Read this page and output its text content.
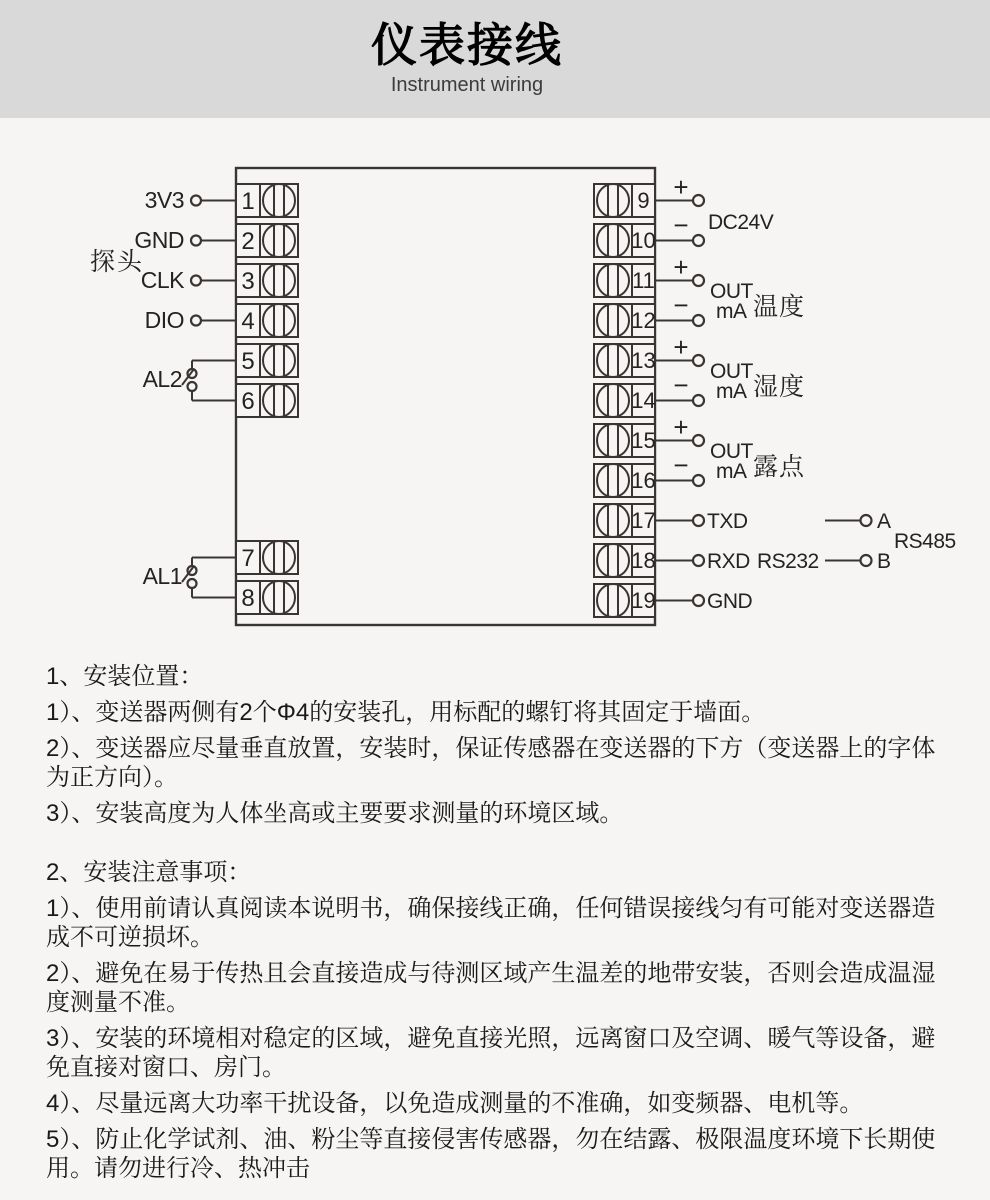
仪表接线
Instrument wiring
探头
3V3
GND
CLK
DIO
AL2
AL1
1
2
3
4
5
6
7
8
9
10
11
12
13
14
15
16
17
18
19
+
− DC24V
+
− OUT
mA 温度
+
− OUT
mA 湿度
+
− OUT
mA 露点
TXD
RXD RS232
GND
A
B
RS485
1、安装位置：
1）、变送器两侧有2个Φ4的安装孔，用标配的螺钉将其固定于墙面。
2）、变送器应尽量垂直放置，安装时，保证传感器在变送器的下方（变送器上的字体
为正方向）。
3）、安装高度为人体坐高或主要要求测量的环境区域。
2、安装注意事项：
1）、使用前请认真阅读本说明书，确保接线正确，任何错误接线匀有可能对变送器造
成不可逆损坏。
2）、避免在易于传热且会直接造成与待测区域产生温差的地带安装，否则会造成温湿
度测量不准。
3）、安装的环境相对稳定的区域，避免直接光照，远离窗口及空调、暖气等设备，避
免直接对窗口、房门。
4）、尽量远离大功率干扰设备，以免造成测量的不准确，如变频器、电机等。
5）、防止化学试剂、油、粉尘等直接侵害传感器，勿在结露、极限温度环境下长期使
用。请勿进行冷、热冲击
